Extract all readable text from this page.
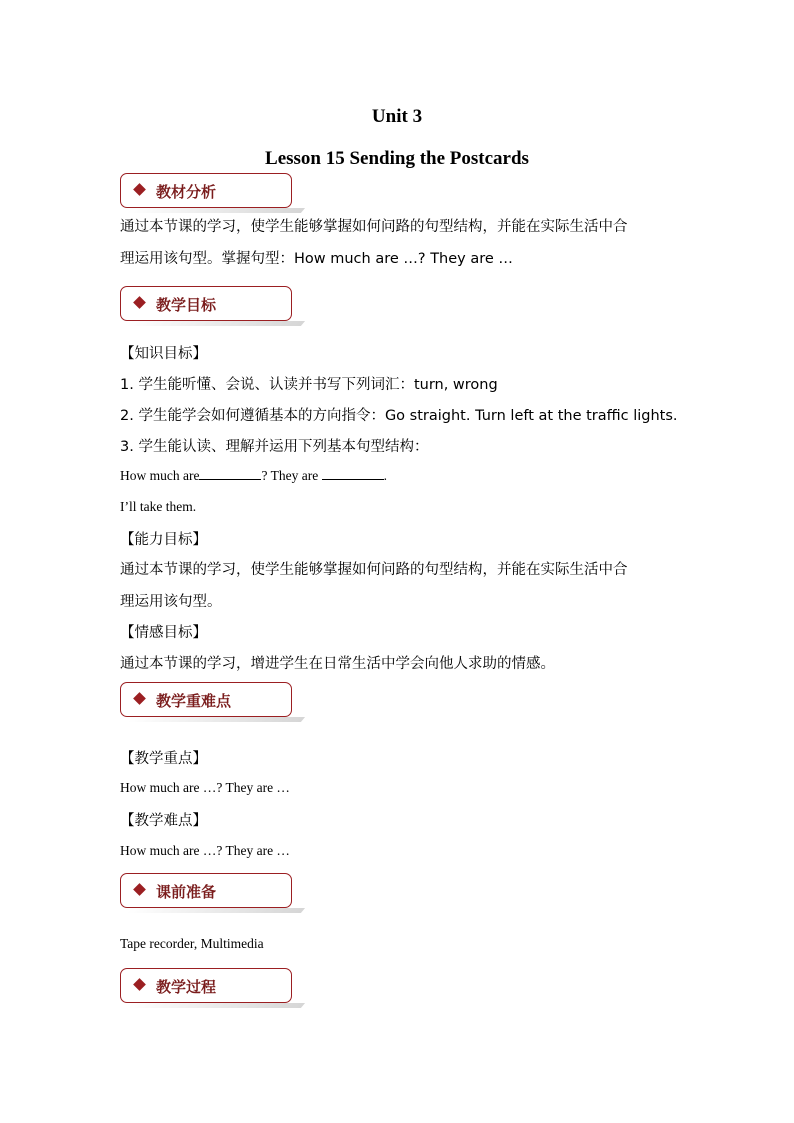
Unit 3
Lesson 15 Sending the Postcards
教材分析

通过本节课的学习，使学生能够掌握如何问路的句型结构，并能在实际生活中合

理运用该句型。掌握句型：How much are …? They are …

教学目标

【知识目标】

1. 学生能听懂、会说、认读并书写下列词汇：turn, wrong

2. 学生能学会如何遵循基本的方向指令：Go straight. Turn left at the traffic lights.

3. 学生能认读、理解并运用下列基本句型结构：

How much are	? They are	.

I’ll take them.

【能力目标】

通过本节课的学习，使学生能够掌握如何问路的句型结构，并能在实际生活中合

理运用该句型。

【情感目标】

通过本节课的学习，增进学生在日常生活中学会向他人求助的情感。

教学重难点

【教学重点】

How much are …? They are …

【教学难点】

How much are …? They are …

课前准备

Tape recorder, Multimedia

教学过程
